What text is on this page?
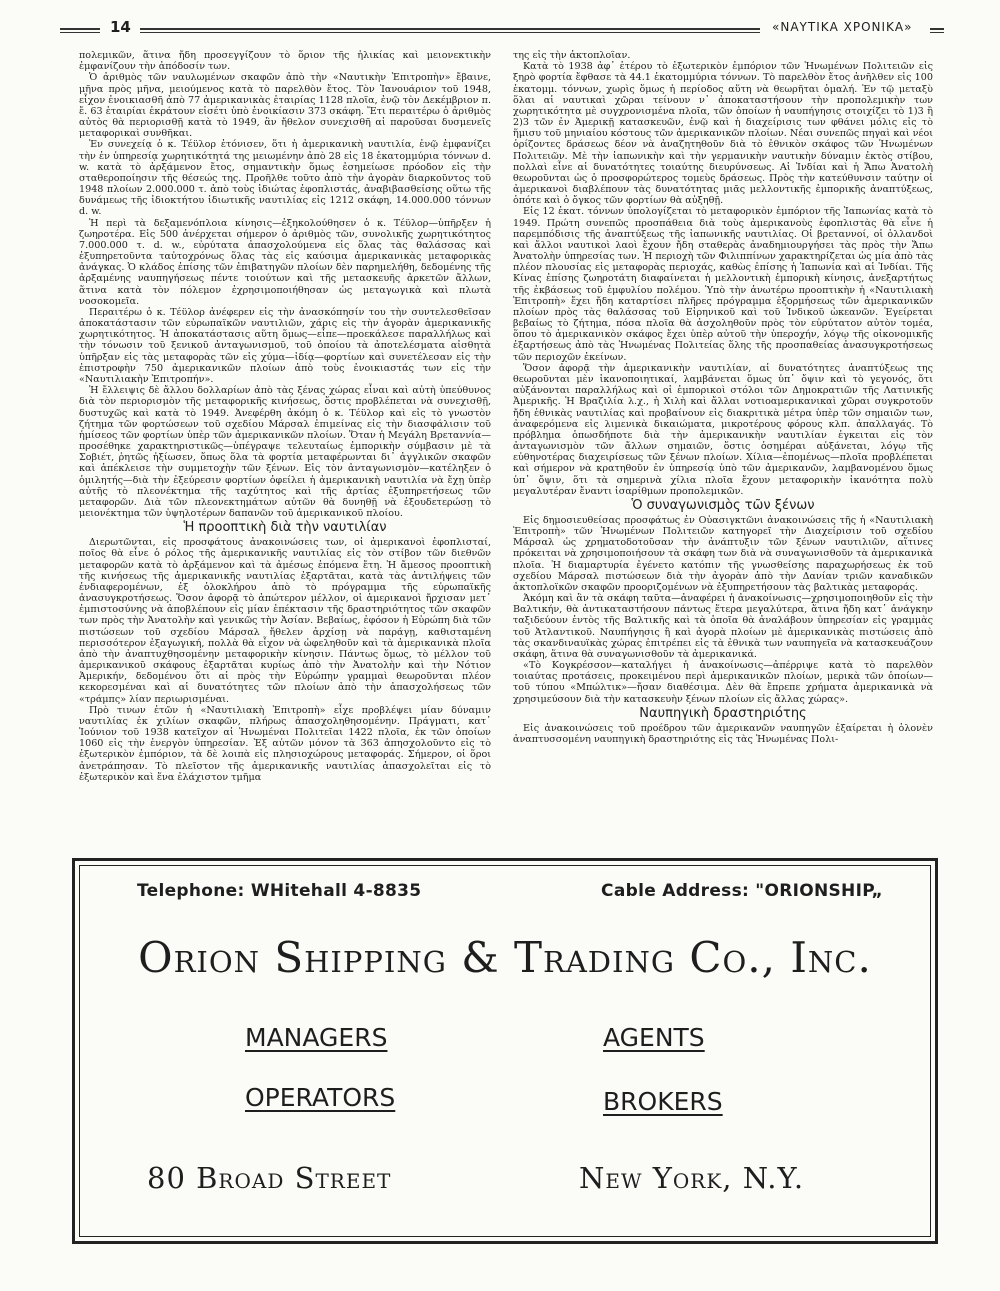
14	«ΝΑΥΤΙΚΑ ΧΡΟΝΙΚΑ»

πολεμικῶν, ἅτινα ἤδη προσεγγίζουν τὸ ὅριον τῆς ἡλικίας καὶ μειονεκτικὴν ἐμφανίζουν τὴν ἀπόδοσίν των.

Ὁ ἀριθμὸς τῶν ναυλωμένων σκαφῶν ἀπὸ τὴν «Ναυτικὴν Ἐπιτροπὴν» ἔβαινε, μῆνα πρὸς μῆνα, μειούμενος κατὰ τὸ παρελθὸν ἔτος. Τὸν Ἰανουάριον τοῦ 1948, εἶχον ἐνοικιασθῆ ἀπὸ 77 ἀμερικανικὰς ἑταιρίας 1128 πλοῖα, ἐνῷ τὸν Δεκέμβριον π. ἔ. 63 ἑταιρίαι ἐκράτουν εἰσέτι ὑπὸ ἐνοικίασιν 373 σκάφη. Ἔτι περαιτέρω ὁ ἀριθμὸς αὐτὸς θὰ περιορισθῇ κατὰ τὸ 1949, ἂν ἤθελον συνεχισθῆ αἱ παροῦσαι δυσμενεῖς μεταφορικαὶ συνθῆκαι.

Ἐν συνεχείᾳ ὁ κ. Τέϋλορ ἐτόνισεν, ὅτι ἡ ἀμερικανικὴ ναυτιλία, ἐνῷ ἐμφανίζει τὴν ἐν ὑπηρεσίᾳ χωρητικότητά της μειωμένην ἀπὸ 28 εἰς 18 ἑκατομμύρια τόννων d. w. κατὰ τὸ ἀρξάμενον ἔτος, σημαντικὴν ὅμως ἐσημείωσε πρόοδον εἰς τὴν σταθεροποίησιν τῆς θέσεώς της. Προῆλθε τοῦτο ἀπὸ τὴν ἀγορὰν διαρκοῦντος τοῦ 1948 πλοίων 2.000.000 τ. ἀπὸ τοὺς ἰδιώτας ἐφοπλιστάς, ἀναβιβασθείσης οὕτω τῆς δυνάμεως τῆς ἰδιοκτήτου ἰδιωτικῆς ναυτιλίας εἰς 1212 σκάφη, 14.000.000 τόννων d. w.

Ἡ περὶ τὰ δεξαμενόπλοια κίνησις—ἐξηκολούθησεν ὁ κ. Τέϋλορ—ὑπῆρξεν ἡ ζωηροτέρα. Εἰς 500 ἀνέρχεται σήμερον ὁ ἀριθμὸς τῶν, συνολικῆς χωρητικότητος 7.000.000 τ. d. w., εὐρύτατα ἀπασχολούμενα εἰς ὅλας τὰς θαλάσσας καὶ ἐξυπηρετοῦντα ταὐτοχρόνως ὅλας τὰς εἰς καύσιμα ἀμερικανικὰς μεταφορικὰς ἀνάγκας. Ὁ κλάδος ἐπίσης τῶν ἐπιβατηγῶν πλοίων δὲν παρημελήθη, δεδομένης τῆς ἀρξαμένης ναυπηγήσεως πέντε τοιούτων καὶ τῆς μετασκευῆς ἀρκετῶν ἄλλων, ἅτινα κατὰ τὸν πόλεμον ἐχρησιμοποιήθησαν ὡς μεταγωγικὰ καὶ πλωτὰ νοσοκομεῖα.

Περαιτέρω ὁ κ. Τέϋλορ ἀνέφερεν εἰς τὴν ἀνασκόπησίν του τὴν συντελεσθεῖσαν ἀποκατάστασιν τῶν εὐρωπαϊκῶν ναυτιλιῶν, χάρις εἰς τὴν ἀγορὰν ἀμερικανικῆς χωρητικότητος. Ἡ ἀποκατάστασις αὕτη ὅμως—εἶπε—προεκάλεσε παραλλήλως καὶ τὴν τόνωσιν τοῦ ξενικοῦ ἀνταγωνισμοῦ, τοῦ ὁποίου τὰ ἀποτελέσματα αἰσθητὰ ὑπῆρξαν εἰς τὰς μεταφορὰς τῶν εἰς χύμα—ἰδίᾳ—φορτίων καὶ συνετέλεσαν εἰς τὴν ἐπιστροφὴν 750 ἀμερικανικῶν πλοίων ἀπὸ τοὺς ἐνοικιαστάς των εἰς τὴν «Ναυτιλιακὴν Ἐπιτροπήν».

Ἡ ἔλλειψις δὲ ἄλλου δολλαρίων ἀπὸ τὰς ξένας χώρας εἶναι καὶ αὐτὴ ὑπεύθυνος διὰ τὸν περιορισμὸν τῆς μεταφορικῆς κινήσεως, ὅστις προβλέπεται νὰ συνεχισθῇ, δυστυχῶς καὶ κατὰ τὸ 1949. Ἀνεφέρθη ἀκόμη ὁ κ. Τέϋλορ καὶ εἰς τὸ γνωστὸν ζήτημα τῶν φορτώσεων τοῦ σχεδίου Μάρσαλ ἐπιμείνας εἰς τὴν διασφάλισιν τοῦ ἡμίσεος τῶν φορτίων ὑπὲρ τῶν ἀμερικανικῶν πλοίων. Ὅταν ἡ Μεγάλη Βρεταννία—προσέθηκε χαρακτηριστικῶς—ὑπέγραψε τελευταίως ἐμπορικὴν σύμβασιν μὲ τὰ Σοβιέτ, ῥητῶς ἠξίωσεν, ὅπως ὅλα τὰ φορτία μεταφέρωνται δι᾿ ἀγγλικῶν σκαφῶν καὶ ἀπέκλεισε τὴν συμμετοχὴν τῶν ξένων. Εἰς τὸν ἀνταγωνισμὸν—κατέληξεν ὁ ὁμιλητής—διὰ τὴν ἐξεύρεσιν φορτίων ὀφείλει ἡ ἀμερικανικὴ ναυτιλία νὰ ἔχῃ ὑπὲρ αὐτῆς τὸ πλεονέκτημα τῆς ταχύτητος καὶ τῆς ἀρτίας ἐξυπηρετήσεως τῶν μεταφορῶν. Διὰ τῶν πλεονεκτημάτων αὐτῶν θὰ δυνηθῇ νὰ ἐξουδετερώσῃ τὸ μειονέκτημα τῶν ὑψηλοτέρων δαπανῶν τοῦ ἀμερικανικοῦ πλοίου.

Ἡ προοπτικὴ διὰ τὴν ναυτιλίαν

Διερωτῶνται, εἰς προσφάτους ἀνακοινώσεις των, οἱ ἀμερικανοὶ ἐφοπλισταί, ποῖος θὰ εἶνε ὁ ρόλος τῆς ἀμερικανικῆς ναυτιλίας εἰς τὸν στίβον τῶν διεθνῶν μεταφορῶν κατὰ τὸ ἀρξάμενον καὶ τὰ ἀμέσως ἑπόμενα ἔτη. Ἡ ἄμεσος προοπτικὴ τῆς κινήσεως τῆς ἀμερικανικῆς ναυτιλίας ἐξαρτᾶται, κατὰ τὰς ἀντιλήψεις τῶν ἐνδιαφερομένων, ἐξ ὁλοκλήρου ἀπὸ τὸ πρόγραμμα τῆς εὐρωπαϊκῆς ἀνασυγκροτήσεως. Ὅσον ἀφορᾷ τὸ ἀπώτερον μέλλον, οἱ ἀμερικανοὶ ἤρχισαν μετ᾿ ἐμπιστοσύνης νὰ ἀποβλέπουν εἰς μίαν ἐπέκτασιν τῆς δραστηριότητος τῶν σκαφῶν των πρὸς τὴν Ἀνατολὴν καὶ γενικῶς τὴν Ἀσίαν. Βεβαίως, ἐφόσον ἡ Εὐρώπη διὰ τῶν πιστώσεων τοῦ σχεδίου Μάρσαλ ἤθελεν ἀρχίσῃ νὰ παράγῃ, καθισταμένη περισσότερον ἐξαγωγική, πολλὰ θὰ εἶχον νὰ ὠφεληθοῦν καὶ τὰ ἀμερικανικὰ πλοῖα ἀπὸ τὴν ἀναπτυχθησομένην μεταφορικὴν κίνησιν. Πάντως ὅμως, τὸ μέλλον τοῦ ἀμερικανικοῦ σκάφους ἐξαρτᾶται κυρίως ἀπὸ τὴν Ἀνατολὴν καὶ τὴν Νότιον Ἀμερικήν, δεδομένου ὅτι αἱ πρὸς τὴν Εὐρώπην γραμμαὶ θεωροῦνται πλέον κεκορεσμέναι καὶ αἱ δυνατότητες τῶν πλοίων ἀπὸ τὴν ἀπασχολήσεως τῶν «τράμπς» λίαν περιωρισμέναι.

Πρὸ τινων ἐτῶν ἡ «Ναυτιλιακὴ Ἐπιτροπὴ» εἶχε προβλέψει μίαν δύναμιν ναυτιλίας ἐκ χιλίων σκαφῶν, πλήρως ἀπασχοληθησομένην. Πράγματι, κατ᾿ Ἰούνιον τοῦ 1938 κατεῖχον αἱ Ἡνωμέναι Πολιτεῖαι 1422 πλοῖα, ἐκ τῶν ὁποίων 1060 εἰς τὴν ἐνεργὸν ὑπηρεσίαν. Ἐξ αὐτῶν μόνον τὰ 363 ἀπησχολοῦντο εἰς τὸ ἐξωτερικὸν ἐμπόριον, τὰ δὲ λοιπὰ εἰς πλησιοχώρους μεταφοράς. Σήμερον, οἱ ὅροι ἀνετράπησαν. Τὸ πλεῖστον τῆς ἀμερικανικῆς ναυτιλίας ἀπασχολεῖται εἰς τὸ ἐξωτερικὸν καὶ ἕνα ἐλάχιστον τμῆμα

της εἰς τὴν ἀκτοπλοΐαν.

Κατὰ τὸ 1938 ἀφ᾿ ἑτέρου τὸ ἐξωτερικὸν ἐμπόριον τῶν Ἡνωμένων Πολιτειῶν εἰς ξηρὸ φορτία ἔφθασε τὰ 44.1 ἑκατομμύρια τόννων. Τὸ παρελθὸν ἔτος ἀνῆλθεν εἰς 100 ἑκατομμ. τόννων, χωρὶς ὅμως ἡ περίοδος αὕτη νὰ θεωρῆται ὁμαλή. Ἐν τῷ μεταξὺ ὅλαι αἱ ναυτικαὶ χῶραι τείνουν ν᾿ ἀποκαταστήσουν τὴν προπολεμικὴν των χωρητικότητα μὲ συγχρονισμένα πλοῖα, τῶν ὁποίων ἡ ναυπήγησις στοιχίζει τὸ 1)3 ἢ 2)3 τῶν ἐν Ἀμερικῇ κατασκευῶν, ἐνῷ καὶ ἡ διαχείρισις των φθάνει μόλις εἰς τὸ ἥμισυ τοῦ μηνιαίου κόστους τῶν ἀμερικανικῶν πλοίων. Νέαι συνεπῶς πηγαὶ καὶ νέοι ὁρίζοντες δράσεως δέον νὰ ἀναζητηθοῦν διὰ τὸ ἐθνικὸν σκάφος τῶν Ἡνωμένων Πολιτειῶν. Μὲ τὴν ἰαπωνικὴν καὶ τὴν γερμανικὴν ναυτικὴν δύναμιν ἐκτὸς στίβου, πολλαὶ εἶνε αἱ δυνατότητες τοιαύτης διευρύνσεως. Αἱ Ἰνδίαι καὶ ἡ Ἄπω Ἀνατολὴ θεωροῦνται ὡς ὁ προσφορώτερος τομεὺς δράσεως. Πρὸς τὴν κατεύθυνσιν ταύτην οἱ ἀμερικανοὶ διαβλέπουν τὰς δυνατότητας μιᾶς μελλοντικῆς ἐμπορικῆς ἀναπτύξεως, ὁπότε καὶ ὁ ὄγκος τῶν φορτίων θὰ αὐξηθῇ.

Εἰς 12 ἑκατ. τόννων ὑπολογίζεται τὸ μεταφορικὸν ἐμπόριον τῆς Ἰαπωνίας κατὰ τὸ 1949. Πρώτη συνεπῶς προσπάθεια διὰ τοὺς ἀμερικανοὺς ἐφοπλιστὰς θὰ εἶνε ἡ παρεμπόδισις τῆς ἀναπτύξεως τῆς ἰαπωνικῆς ναυτιλίας. Οἱ βρεταννοί, οἱ ὁλλανδοὶ καὶ ἄλλοι ναυτικοὶ λαοὶ ἔχουν ἤδη σταθερὰς ἀναδημιουργήσει τὰς πρὸς τὴν Ἄπω Ἀνατολὴν ὑπηρεσίας των. Ἡ περιοχὴ τῶν Φιλιππίνων χαρακτηρίζεται ὡς μία ἀπὸ τὰς πλέον πλουσίας εἰς μεταφορὰς περιοχάς, καθὼς ἐπίσης ἡ Ἰαπωνία καὶ αἱ Ἰνδίαι. Τῆς Κίνας ἐπίσης ζωηροτάτη διαφαίνεται ἡ μελλοντικὴ ἐμπορικὴ κίνησις, ἀνεξαρτήτως τῆς ἐκβάσεως τοῦ ἐμφυλίου πολέμου. Ὑπὸ τὴν ἀνωτέρω προοπτικὴν ἡ «Ναυτιλιακὴ Ἐπιτροπὴ» ἔχει ἤδη καταρτίσει πλῆρες πρόγραμμα ἐξορμήσεως τῶν ἀμερικανικῶν πλοίων πρὸς τὰς θαλάσσας τοῦ Εἰρηνικοῦ καὶ τοῦ Ἰνδικοῦ ὠκεανῶν. Ἐγείρεται βεβαίως τὸ ζήτημα, πόσα πλοῖα θὰ ἀσχοληθοῦν πρὸς τὸν εὐρύτατον αὐτὸν τομέα, ὅπου τὸ ἀμερικανικὸν σκάφος ἔχει ὑπὲρ αὐτοῦ τὴν ὑπεροχήν, λόγῳ τῆς οἰκονομικῆς ἐξαρτήσεως ἀπὸ τὰς Ἡνωμένας Πολιτείας ὅλης τῆς προσπαθείας ἀνασυγκροτήσεως τῶν περιοχῶν ἐκείνων.

Ὅσον ἀφορᾷ τὴν ἀμερικανικὴν ναυτιλίαν, αἱ δυνατότητες ἀναπτύξεως της θεωροῦνται μὲν ἱκανοποιητικαί, λαμβάνεται ὅμως ὑπ᾿ ὄψιν καὶ τὸ γεγονός, ὅτι αὐξάνονται παραλλήλως καὶ οἱ ἐμπορικοὶ στόλοι τῶν Δημοκρατιῶν τῆς Λατινικῆς Ἀμερικῆς. Ἡ Βραζιλία λ.χ., ἡ Χιλὴ καὶ ἄλλαι νοτιοαμερικανικαὶ χῶραι συγκροτοῦν ἤδη ἐθνικὰς ναυτιλίας καὶ προβαίνουν εἰς διακριτικὰ μέτρα ὑπὲρ τῶν σημαιῶν των, ἀναφερόμενα εἰς λιμενικὰ δικαιώματα, μικροτέρους φόρους κλπ. ἀπαλλαγάς. Τὸ πρόβλημα ὁπωσδήποτε διὰ τὴν ἀμερικανικὴν ναυτιλίαν ἐγκειται εἰς τὸν ἀνταγωνισμὸν τῶν ἄλλων σημαιῶν, ὅστις ὁσημέραι αὐξάνεται, λόγῳ τῆς εὐθηνοτέρας διαχειρίσεως τῶν ξένων πλοίων. Χίλια—ἐπομένως—πλοῖα προβλέπεται καὶ σήμερον νὰ κρατηθοῦν ἐν ὑπηρεσίᾳ ὑπὸ τῶν ἀμερικανῶν, λαμβανομένου ὅμως ὑπ᾿ ὄψιν, ὅτι τὰ σημερινὰ χίλια πλοῖα ἔχουν μεταφορικὴν ἱκανότητα πολὺ μεγαλυτέραν ἔναντι ἰσαρίθμων προπολεμικῶν.

Ὁ συναγωνισμὸς τῶν ξένων

Εἰς δημοσιευθείσας προσφάτως ἐν Οὐασιγκτῶνι ἀνακοινώσεις τῆς ἡ «Ναυτιλιακὴ Ἐπιτροπὴ» τῶν Ἡνωμένων Πολιτειῶν κατηγορεῖ τὴν Διαχείρισιν τοῦ σχεδίου Μάρσαλ ὡς χρηματοδοτοῦσαν τὴν ἀνάπτυξιν τῶν ξένων ναυτιλιῶν, αἵτινες πρόκειται νὰ χρησιμοποιήσουν τὰ σκάφη των διὰ νὰ συναγωνισθοῦν τὰ ἀμερικανικὰ πλοῖα. Ἡ διαμαρτυρία ἐγένετο κατόπιν τῆς γνωσθείσης παραχωρήσεως ἐκ τοῦ σχεδίου Μάρσαλ πιστώσεων διὰ τὴν ἀγορὰν ἀπὸ τὴν Δανίαν τριῶν καναδικῶν ἀκτοπλοϊκῶν σκαφῶν προοριζομένων νὰ ἐξυπηρετήσουν τὰς βαλτικὰς μεταφοράς.

Ἀκόμη καὶ ἂν τὰ σκάφη ταῦτα—ἀναφέρει ἡ ἀνακοίνωσις—χρησιμοποιηθοῦν εἰς τὴν Βαλτικήν, θὰ ἀντικαταστήσουν πάντως ἕτερα μεγαλύτερα, ἅτινα ἤδη κατ᾿ ἀνάγκην ταξιδεύουν ἐντὸς τῆς Βαλτικῆς καὶ τὰ ὁποῖα θὰ ἀναλάβουν ὑπηρεσίαν εἰς γραμμὰς τοῦ Ἀτλαντικοῦ. Ναυπήγησις ἢ καὶ ἀγορὰ πλοίων μὲ ἀμερικανικὰς πιστώσεις ἀπὸ τὰς σκανδιναυϊκὰς χώρας ἐπιτρέπει εἰς τὰ ἐθνικὰ των ναυπηγεῖα νὰ κατασκευάζουν σκάφη, ἅτινα θὰ συναγωνισθοῦν τὰ ἀμερικανικά.

«Τὸ Κογκρέσσον—καταλήγει ἡ ἀνακοίνωσις—ἀπέρριψε κατὰ τὸ παρελθὸν τοιαύτας προτάσεις, προκειμένου περὶ ἀμερικανικῶν πλοίων, μερικὰ τῶν ὁποίων—τοῦ τύπου «Μπώλτικ»—ἤσαν διαθέσιμα. Δὲν θὰ ἔπρεπε χρήματα ἀμερικανικὰ νὰ χρησιμεύσουν διὰ τὴν κατασκευὴν ξένων πλοίων εἰς ἄλλας χώρας».

Ναυπηγικὴ δραστηριότης

Εἰς ἀνακοινώσεις τοῦ προέδρου τῶν ἀμερικανῶν ναυπηγῶν ἐξαίρεται ἡ ὁλονὲν ἀναπτυσσομένη ναυπηγικὴ δραστηριότης εἰς τὰς Ἡνωμένας Πολι-

Telephone: WHitehall 4-8835	Cable Address: "ORIONSHIP„
Orion Shipping & Trading Co., Inc.
MANAGERS	AGENTS
OPERATORS	BROKERS
80 Broad Street	New York, N.Y.
